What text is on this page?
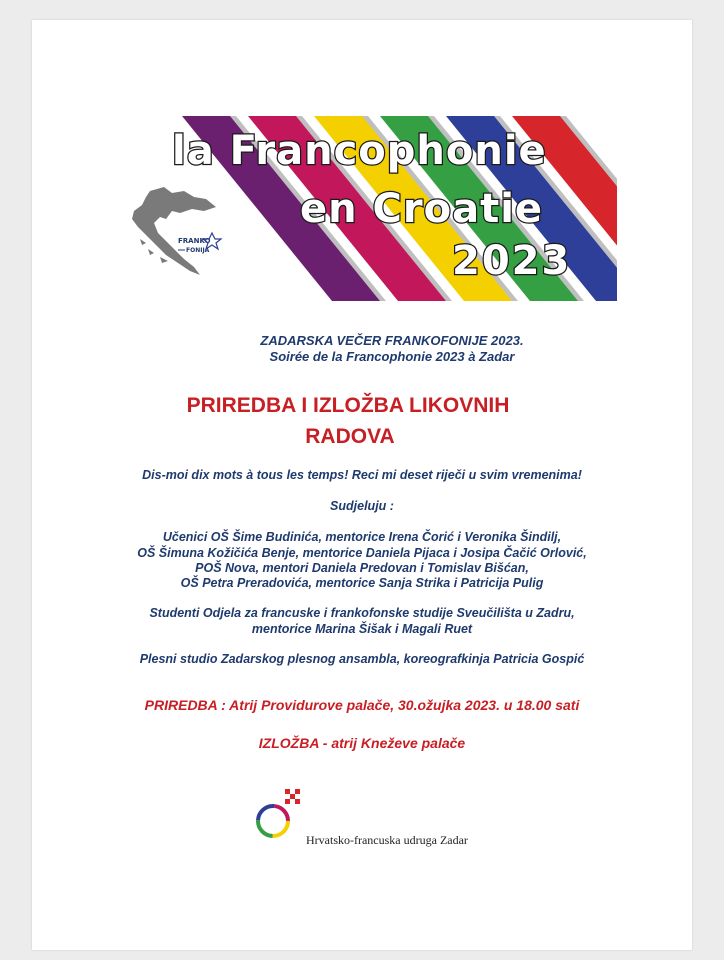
la Francophonie
en Croatie
2023
FRANKO
FONIJA
ZADARSKA VEČER FRANKOFONIJE 2023.
Soirée de la Francophonie 2023 à Zadar
PRIREDBA I IZLOŽBA LIKOVNIH
RADOVA
Dis-moi dix mots à tous les temps! Reci mi deset riječi u svim vremenima!
Sudjeluju :
Učenici OŠ Šime Budinića, mentorice Irena Čorić i Veronika Šindilj,
OŠ Šimuna Kožičića Benje, mentorice Daniela Pijaca i Josipa Čačić Orlović,
POŠ Nova, mentori Daniela Predovan i Tomislav Bišćan,
OŠ Petra Preradovića, mentorice Sanja Strika i Patricija Pulig
Studenti Odjela za francuske i frankofonske studije Sveučilišta u Zadru,
mentorice Marina Šišak i Magali Ruet
Plesni studio Zadarskog plesnog ansambla, koreografkinja Patricia Gospić
PRIREDBA : Atrij Providurove palače, 30.ožujka 2023. u 18.00 sati
IZLOŽBA - atrij Kneževe palače
Hrvatsko-francuska udruga Zadar
